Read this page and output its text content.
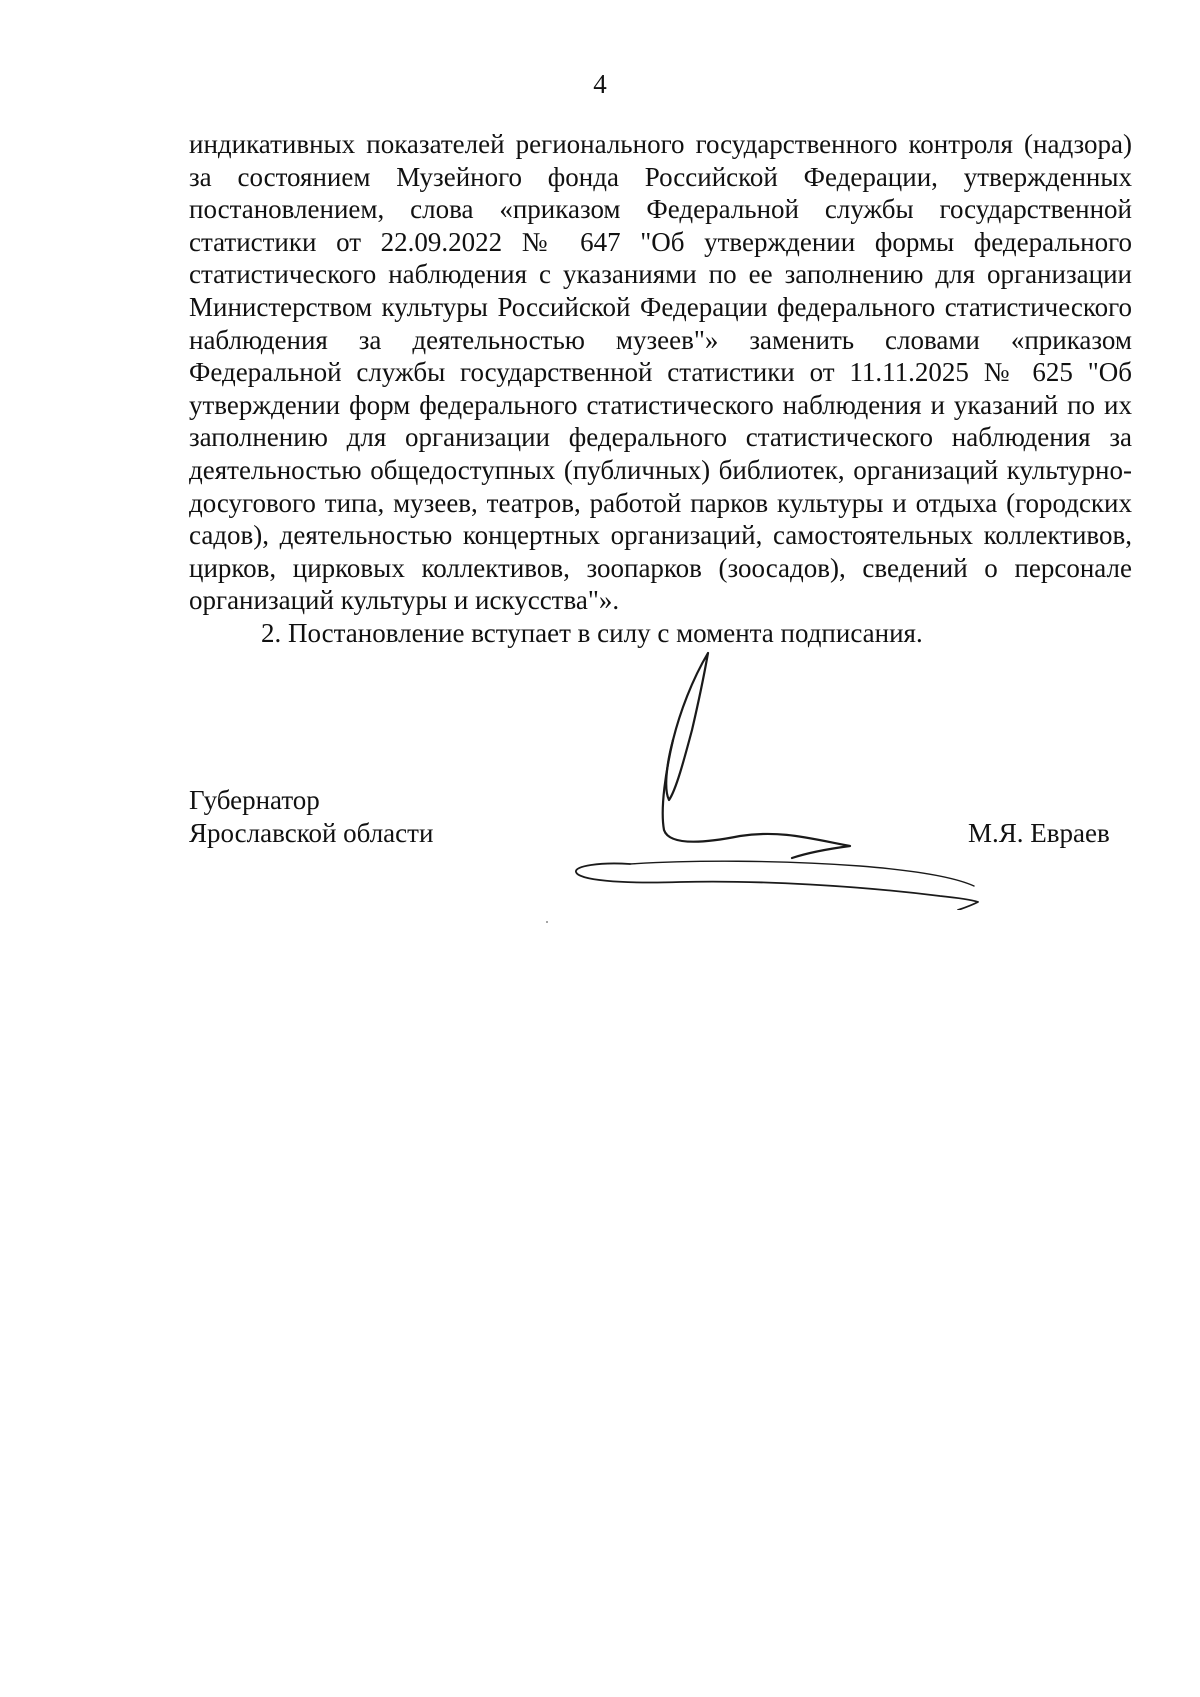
4

индикативных показателей регионального государственного контроля (надзора) за состоянием Музейного фонда Российской Федерации, утвержденных постановлением, слова «приказом Федеральной службы государственной статистики от 22.09.2022 № 647 "Об утверждении формы федерального статистического наблюдения с указаниями по ее заполнению для организации Министерством культуры Российской Федерации федерального статистического наблюдения за деятельностью музеев"» заменить словами «приказом Федеральной службы государственной статистики от 11.11.2025 № 625 "Об утверждении форм федерального статистического наблюдения и указаний по их заполнению для организации федерального статистического наблюдения за деятельностью общедоступных (публичных) библиотек, организаций культурно-досугового типа, музеев, театров, работой парков культуры и отдыха (городских садов), деятельностью концертных организаций, самостоятельных коллективов, цирков, цирковых коллективов, зоопарков (зоосадов), сведений о персонале организаций культуры и искусства"».

2. Постановление вступает в силу с момента подписания.

Губернатор
Ярославской области	М.Я. Евраев
